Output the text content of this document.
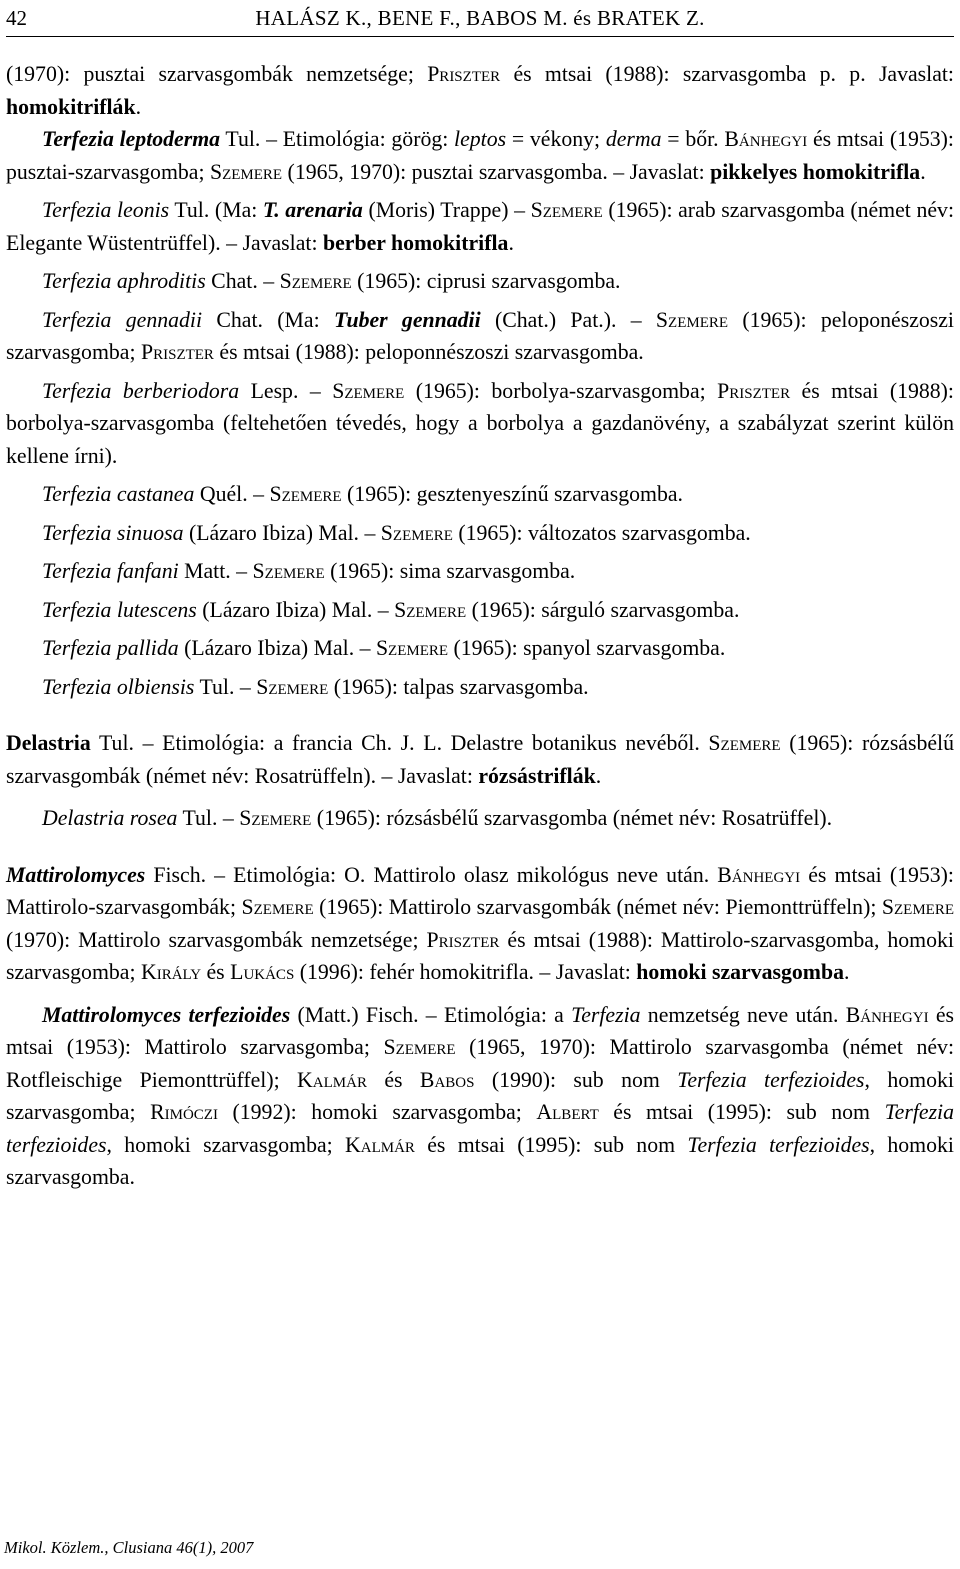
42	HALÁSZ K., BENE F., BABOS M. és BRATEK Z.

(1970): pusztai szarvasgombák nemzetsége; Priszter és mtsai (1988): szarvasgomba p. p. Javaslat: homokitriflák.

Terfezia leptoderma Tul. – Etimológia: görög: leptos = vékony; derma = bőr. Bánhegyi és mtsai (1953): pusztai-szarvasgomba; Szemere (1965, 1970): pusztai szarvasgomba. – Javaslat: pikkelyes homokitrifla.

Terfezia leonis Tul. (Ma: T. arenaria (Moris) Trappe) – Szemere (1965): arab szarvasgomba (német név: Elegante Wüstentrüffel). – Javaslat: berber homokitrifla.

Terfezia aphroditis Chat. – Szemere (1965): ciprusi szarvasgomba.

Terfezia gennadii Chat. (Ma: Tuber gennadii (Chat.) Pat.). – Szemere (1965): peloponészoszi szarvasgomba; Priszter és mtsai (1988): peloponnészoszi szarvasgomba.

Terfezia berberiodora Lesp. – Szemere (1965): borbolya-szarvasgomba; Priszter és mtsai (1988): borbolya-szarvasgomba (feltehetően tévedés, hogy a borbolya a gazdanövény, a szabályzat szerint külön kellene írni).

Terfezia castanea Quél. – Szemere (1965): gesztenyeszínű szarvasgomba.

Terfezia sinuosa (Lázaro Ibiza) Mal. – Szemere (1965): változatos szarvasgomba.

Terfezia fanfani Matt. – Szemere (1965): sima szarvasgomba.

Terfezia lutescens (Lázaro Ibiza) Mal. – Szemere (1965): sárguló szarvasgomba.

Terfezia pallida (Lázaro Ibiza) Mal. – Szemere (1965): spanyol szarvasgomba.

Terfezia olbiensis Tul. – Szemere (1965): talpas szarvasgomba.

Delastria Tul. – Etimológia: a francia Ch. J. L. Delastre botanikus nevéből. Szemere (1965): rózsásbélű szarvasgombák (német név: Rosatrüffeln). – Javaslat: rózsástriflák.

Delastria rosea Tul. – Szemere (1965): rózsásbélű szarvasgomba (német név: Rosatrüffel).

Mattirolomyces Fisch. – Etimológia: O. Mattirolo olasz mikológus neve után. Bánhegyi és mtsai (1953): Mattirolo-szarvasgombák; Szemere (1965): Mattirolo szarvasgombák (német név: Piemonttrüffeln); Szemere (1970): Mattirolo szarvasgombák nemzetsége; Priszter és mtsai (1988): Mattirolo-szarvasgomba, homoki szarvasgomba; Király és Lukács (1996): fehér homokitrifla. – Javaslat: homoki szarvasgomba.

Mattirolomyces terfezioides (Matt.) Fisch. – Etimológia: a Terfezia nemzetség neve után. Bánhegyi és mtsai (1953): Mattirolo szarvasgomba; Szemere (1965, 1970): Mattirolo szarvasgomba (német név: Rotfleischige Piemonttrüffel); Kalmár és Babos (1990): sub nom Terfezia terfezioides, homoki szarvasgomba; Rimóczi (1992): homoki szarvasgomba; Albert és mtsai (1995): sub nom Terfezia terfezioides, homoki szarvasgomba; Kalmár és mtsai (1995): sub nom Terfezia terfezioides, homoki szarvasgomba.

Mikol. Közlem., Clusiana 46(1), 2007
